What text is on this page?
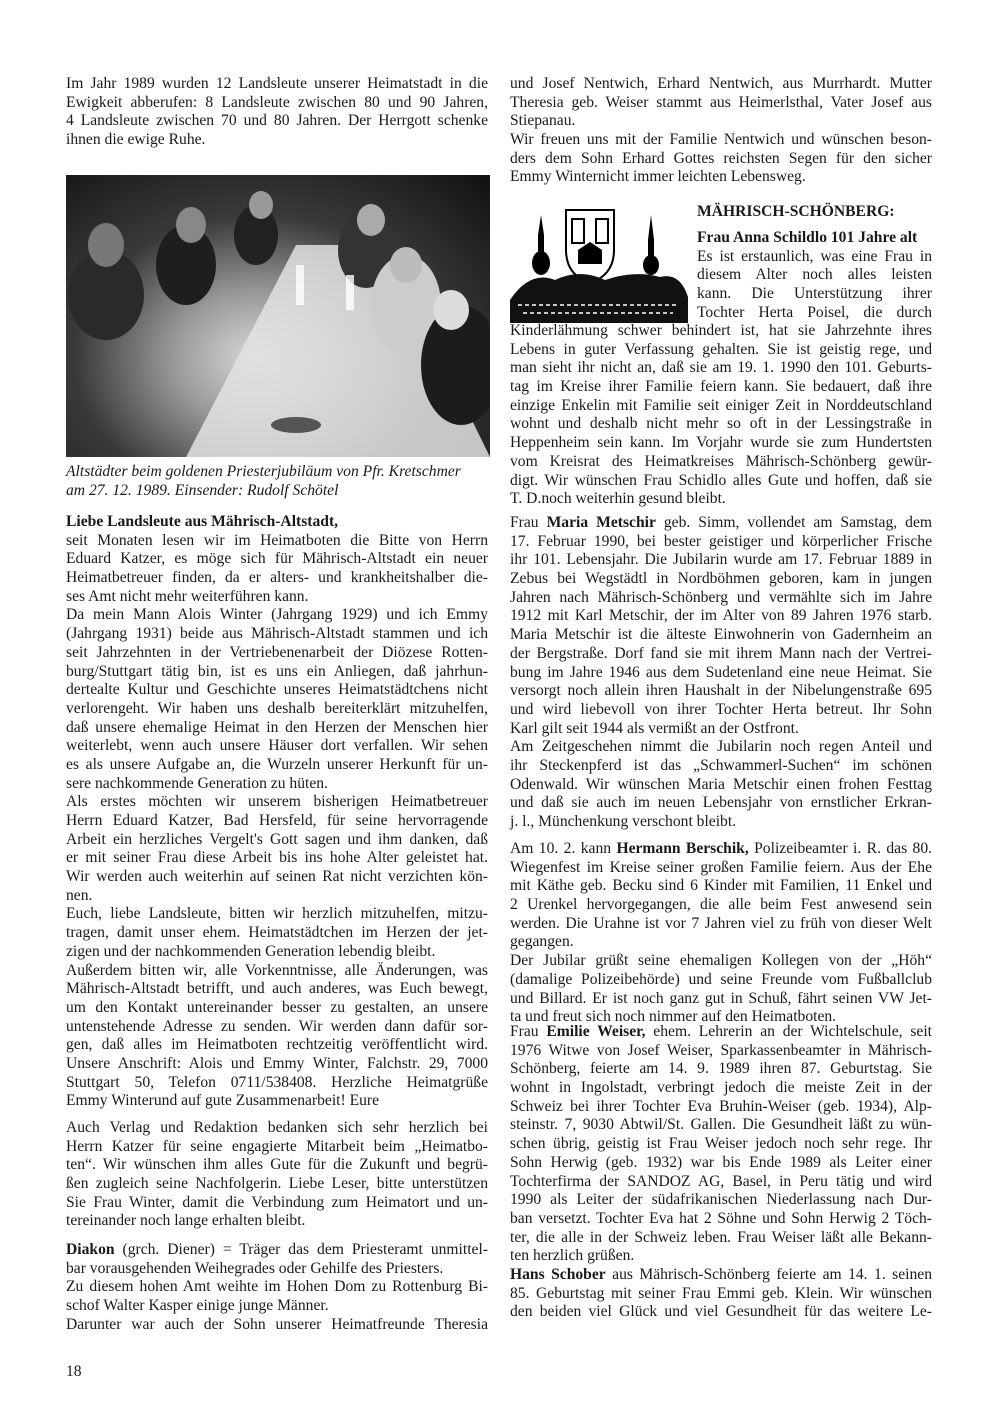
Im Jahr 1989 wurden 12 Landsleute unserer Heimatstadt in die
Ewigkeit abberufen: 8 Landsleute zwischen 80 und 90 Jahren,
4 Landsleute zwischen 70 und 80 Jahren. Der Herrgott schenke
ihnen die ewige Ruhe.
Altstädter beim goldenen Priesterjubiläum von Pfr. Kretschmer
am 27. 12. 1989. Einsender: Rudolf Schötel
Liebe Landsleute aus Mährisch-Altstadt,
seit Monaten lesen wir im Heimatboten die Bitte von Herrn
Eduard Katzer, es möge sich für Mährisch-Altstadt ein neuer
Heimatbetreuer finden, da er alters- und krankheitshalber die-
ses Amt nicht mehr weiterführen kann.
Da mein Mann Alois Winter (Jahrgang 1929) und ich Emmy
(Jahrgang 1931) beide aus Mährisch-Altstadt stammen und ich
seit Jahrzehnten in der Vertriebenenarbeit der Diözese Rotten-
burg/Stuttgart tätig bin, ist es uns ein Anliegen, daß jahrhun-
dertealte Kultur und Geschichte unseres Heimatstädtchens nicht
verlorengeht. Wir haben uns deshalb bereiterklärt mitzuhelfen,
daß unsere ehemalige Heimat in den Herzen der Menschen hier
weiterlebt, wenn auch unsere Häuser dort verfallen. Wir sehen
es als unsere Aufgabe an, die Wurzeln unserer Herkunft für un-
sere nachkommende Generation zu hüten.
Als erstes möchten wir unserem bisherigen Heimatbetreuer
Herrn Eduard Katzer, Bad Hersfeld, für seine hervorragende
Arbeit ein herzliches Vergelt's Gott sagen und ihm danken, daß
er mit seiner Frau diese Arbeit bis ins hohe Alter geleistet hat.
Wir werden auch weiterhin auf seinen Rat nicht verzichten kön-
nen.
Euch, liebe Landsleute, bitten wir herzlich mitzuhelfen, mitzu-
tragen, damit unser ehem. Heimatstädtchen im Herzen der jet-
zigen und der nachkommenden Generation lebendig bleibt.
Außerdem bitten wir, alle Vorkenntnisse, alle Änderungen, was
Mährisch-Altstadt betrifft, und auch anderes, was Euch bewegt,
um den Kontakt untereinander besser zu gestalten, an unsere
untenstehende Adresse zu senden. Wir werden dann dafür sor-
gen, daß alles im Heimatboten rechtzeitig veröffentlicht wird.
Unsere Anschrift: Alois und Emmy Winter, Falchstr. 29, 7000
Stuttgart 50, Telefon 0711/538408. Herzliche Heimatgrüße
Emmy Winterund auf gute Zusammenarbeit! Eure
Auch Verlag und Redaktion bedanken sich sehr herzlich bei
Herrn Katzer für seine engagierte Mitarbeit beim „Heimatbo-
ten“. Wir wünschen ihm alles Gute für die Zukunft und begrü-
ßen zugleich seine Nachfolgerin. Liebe Leser, bitte unterstützen
Sie Frau Winter, damit die Verbindung zum Heimatort und un-
tereinander noch lange erhalten bleibt.
Diakon (grch. Diener) = Träger das dem Priesteramt unmittel-
bar vorausgehenden Weihegrades oder Gehilfe des Priesters.
Zu diesem hohen Amt weihte im Hohen Dom zu Rottenburg Bi-
schof Walter Kasper einige junge Männer.
Darunter war auch der Sohn unserer Heimatfreunde Theresia
und Josef Nentwich, Erhard Nentwich, aus Murrhardt. Mutter
Theresia geb. Weiser stammt aus Heimerlsthal, Vater Josef aus
Stiepanau.
Wir freuen uns mit der Familie Nentwich und wünschen beson-
ders dem Sohn Erhard Gottes reichsten Segen für den sicher
Emmy Winternicht immer leichten Lebensweg.
MÄHRISCH-SCHÖNBERG:
Frau Anna Schildlo 101 Jahre alt
Es ist erstaunlich, was eine Frau in
diesem Alter noch alles leisten
kann. Die Unterstützung ihrer
Tochter Herta Poisel, die durch
Kinderlähmung schwer behindert ist, hat sie Jahrzehnte ihres
Lebens in guter Verfassung gehalten. Sie ist geistig rege, und
man sieht ihr nicht an, daß sie am 19. 1. 1990 den 101. Geburts-
tag im Kreise ihrer Familie feiern kann. Sie bedauert, daß ihre
einzige Enkelin mit Familie seit einiger Zeit in Norddeutschland
wohnt und deshalb nicht mehr so oft in der Lessingstraße in
Heppenheim sein kann. Im Vorjahr wurde sie zum Hundertsten
vom Kreisrat des Heimatkreises Mährisch-Schönberg gewür-
digt. Wir wünschen Frau Schidlo alles Gute und hoffen, daß sie
T. D.noch weiterhin gesund bleibt.
Frau Maria Metschir geb. Simm, vollendet am Samstag, dem
17. Februar 1990, bei bester geistiger und körperlicher Frische
ihr 101. Lebensjahr. Die Jubilarin wurde am 17. Februar 1889 in
Zebus bei Wegstädtl in Nordböhmen geboren, kam in jungen
Jahren nach Mährisch-Schönberg und vermählte sich im Jahre
1912 mit Karl Metschir, der im Alter von 89 Jahren 1976 starb.
Maria Metschir ist die älteste Einwohnerin von Gadernheim an
der Bergstraße. Dorf fand sie mit ihrem Mann nach der Vertrei-
bung im Jahre 1946 aus dem Sudetenland eine neue Heimat. Sie
versorgt noch allein ihren Haushalt in der Nibelungenstraße 695
und wird liebevoll von ihrer Tochter Herta betreut. Ihr Sohn
Karl gilt seit 1944 als vermißt an der Ostfront.
Am Zeitgeschehen nimmt die Jubilarin noch regen Anteil und
ihr Steckenpferd ist das „Schwammerl-Suchen“ im schönen
Odenwald. Wir wünschen Maria Metschir einen frohen Festtag
und daß sie auch im neuen Lebensjahr von ernstlicher Erkran-
j. l., Münchenkung verschont bleibt.
Am 10. 2. kann Hermann Berschik, Polizeibeamter i. R. das 80.
Wiegenfest im Kreise seiner großen Familie feiern. Aus der Ehe
mit Käthe geb. Becku sind 6 Kinder mit Familien, 11 Enkel und
2 Urenkel hervorgegangen, die alle beim Fest anwesend sein
werden. Die Urahne ist vor 7 Jahren viel zu früh von dieser Welt
gegangen.
Der Jubilar grüßt seine ehemaligen Kollegen von der „Höh“
(damalige Polizeibehörde) und seine Freunde vom Fußballclub
und Billard. Er ist noch ganz gut in Schuß, fährt seinen VW Jet-
ta und freut sich noch nimmer auf den Heimatboten.
Frau Emilie Weiser, ehem. Lehrerin an der Wichtelschule, seit
1976 Witwe von Josef Weiser, Sparkassenbeamter in Mährisch-
Schönberg, feierte am 14. 9. 1989 ihren 87. Geburtstag. Sie
wohnt in Ingolstadt, verbringt jedoch die meiste Zeit in der
Schweiz bei ihrer Tochter Eva Bruhin-Weiser (geb. 1934), Alp-
steinstr. 7, 9030 Abtwil/St. Gallen. Die Gesundheit läßt zu wün-
schen übrig, geistig ist Frau Weiser jedoch noch sehr rege. Ihr
Sohn Herwig (geb. 1932) war bis Ende 1989 als Leiter einer
Tochterfirma der SANDOZ AG, Basel, in Peru tätig und wird
1990 als Leiter der südafrikanischen Niederlassung nach Dur-
ban versetzt. Tochter Eva hat 2 Söhne und Sohn Herwig 2 Töch-
ter, die alle in der Schweiz leben. Frau Weiser läßt alle Bekann-
ten herzlich grüßen.
Hans Schober aus Mährisch-Schönberg feierte am 14. 1. seinen
85. Geburtstag mit seiner Frau Emmi geb. Klein. Wir wünschen
den beiden viel Glück und viel Gesundheit für das weitere Le-
18
